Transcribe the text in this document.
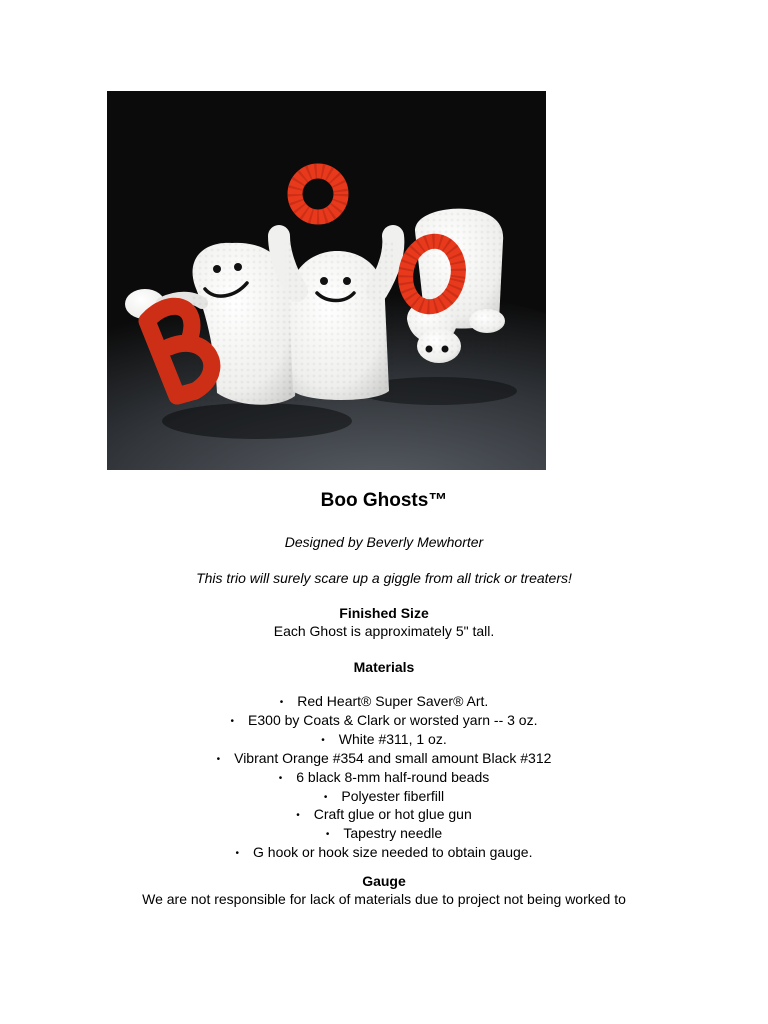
Boo Ghosts™
Designed by Beverly Mewhorter
This trio will surely scare up a giggle from all trick or treaters!
Finished Size
Each Ghost is approximately 5" tall.
Materials
• Red Heart® Super Saver® Art.
• E300 by Coats & Clark or worsted yarn -- 3 oz.
• White #311, 1 oz.
• Vibrant Orange #354 and small amount Black #312
• 6 black 8-mm half-round beads
• Polyester fiberfill
• Craft glue or hot glue gun
• Tapestry needle
• G hook or hook size needed to obtain gauge.
Gauge
We are not responsible for lack of materials due to project not being worked to
